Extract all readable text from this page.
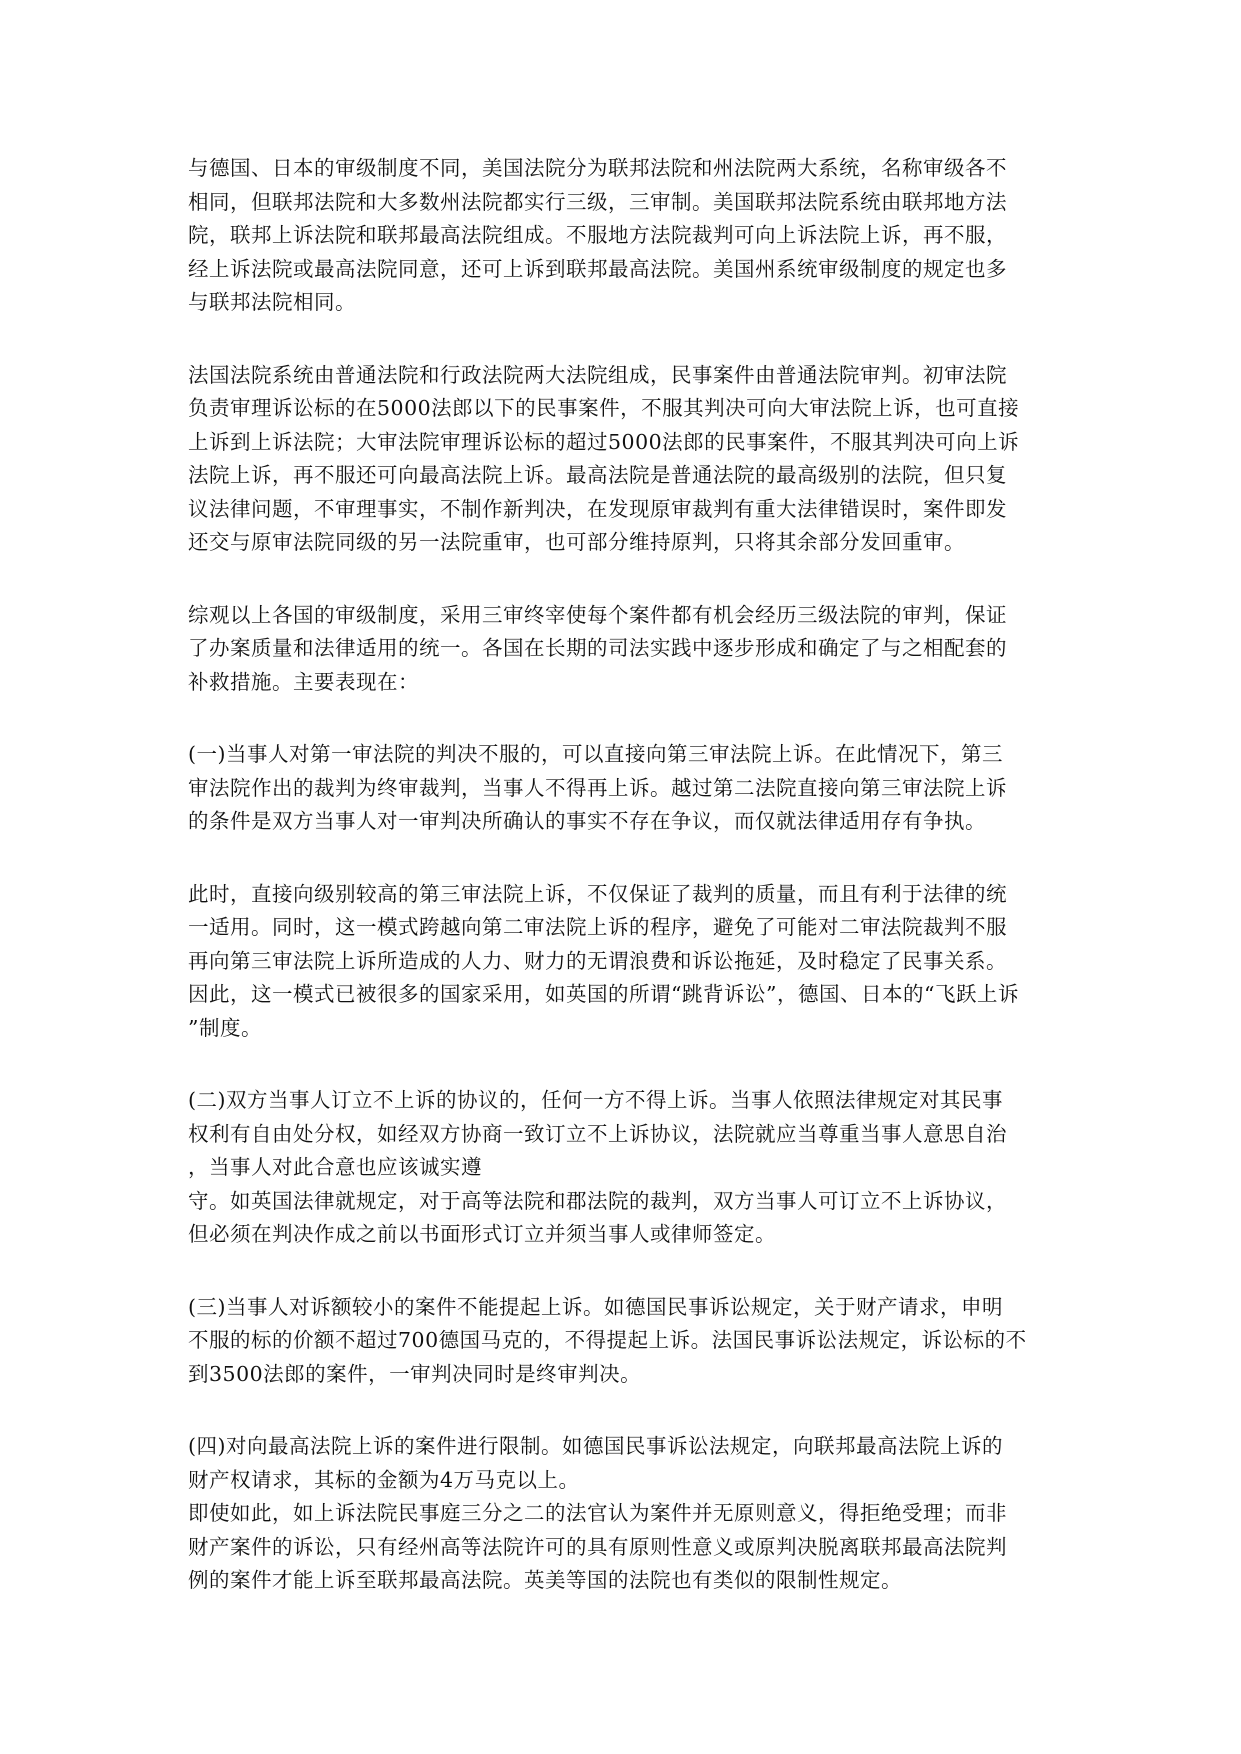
与德国、日本的审级制度不同，美国法院分为联邦法院和州法院两大系统，名称审级各不
相同，但联邦法院和大多数州法院都实行三级，三审制。美国联邦法院系统由联邦地方法
院，联邦上诉法院和联邦最高法院组成。不服地方法院裁判可向上诉法院上诉，再不服，
经上诉法院或最高法院同意，还可上诉到联邦最高法院。美国州系统审级制度的规定也多
与联邦法院相同。

法国法院系统由普通法院和行政法院两大法院组成，民事案件由普通法院审判。初审法院
负责审理诉讼标的在5000法郎以下的民事案件，不服其判决可向大审法院上诉，也可直接
上诉到上诉法院；大审法院审理诉讼标的超过5000法郎的民事案件，不服其判决可向上诉
法院上诉，再不服还可向最高法院上诉。最高法院是普通法院的最高级别的法院，但只复
议法律问题，不审理事实，不制作新判决，在发现原审裁判有重大法律错误时，案件即发
还交与原审法院同级的另一法院重审，也可部分维持原判，只将其余部分发回重审。

综观以上各国的审级制度，采用三审终宰使每个案件都有机会经历三级法院的审判，保证
了办案质量和法律适用的统一。各国在长期的司法实践中逐步形成和确定了与之相配套的
补救措施。主要表现在：

(一)当事人对第一审法院的判决不服的，可以直接向第三审法院上诉。在此情况下，第三
审法院作出的裁判为终审裁判，当事人不得再上诉。越过第二法院直接向第三审法院上诉
的条件是双方当事人对一审判决所确认的事实不存在争议，而仅就法律适用存有争执。

此时，直接向级别较高的第三审法院上诉，不仅保证了裁判的质量，而且有利于法律的统
一适用。同时，这一模式跨越向第二审法院上诉的程序，避免了可能对二审法院裁判不服
再向第三审法院上诉所造成的人力、财力的无谓浪费和诉讼拖延，及时稳定了民事关系。
因此，这一模式已被很多的国家采用，如英国的所谓“跳背诉讼”，德国、日本的“飞跃上诉
”制度。

(二)双方当事人订立不上诉的协议的，任何一方不得上诉。当事人依照法律规定对其民事
权利有自由处分权，如经双方协商一致订立不上诉协议，法院就应当尊重当事人意思自治
，当事人对此合意也应该诚实遵
守。如英国法律就规定，对于高等法院和郡法院的裁判，双方当事人可订立不上诉协议，
但必须在判决作成之前以书面形式订立并须当事人或律师签定。

(三)当事人对诉额较小的案件不能提起上诉。如德国民事诉讼规定，关于财产请求，申明
不服的标的价额不超过700德国马克的，不得提起上诉。法国民事诉讼法规定，诉讼标的不
到3500法郎的案件，一审判决同时是终审判决。

(四)对向最高法院上诉的案件进行限制。如德国民事诉讼法规定，向联邦最高法院上诉的
财产权请求，其标的金额为4万马克以上。
即使如此，如上诉法院民事庭三分之二的法官认为案件并无原则意义，得拒绝受理；而非
财产案件的诉讼，只有经州高等法院许可的具有原则性意义或原判决脱离联邦最高法院判
例的案件才能上诉至联邦最高法院。英美等国的法院也有类似的限制性规定。
